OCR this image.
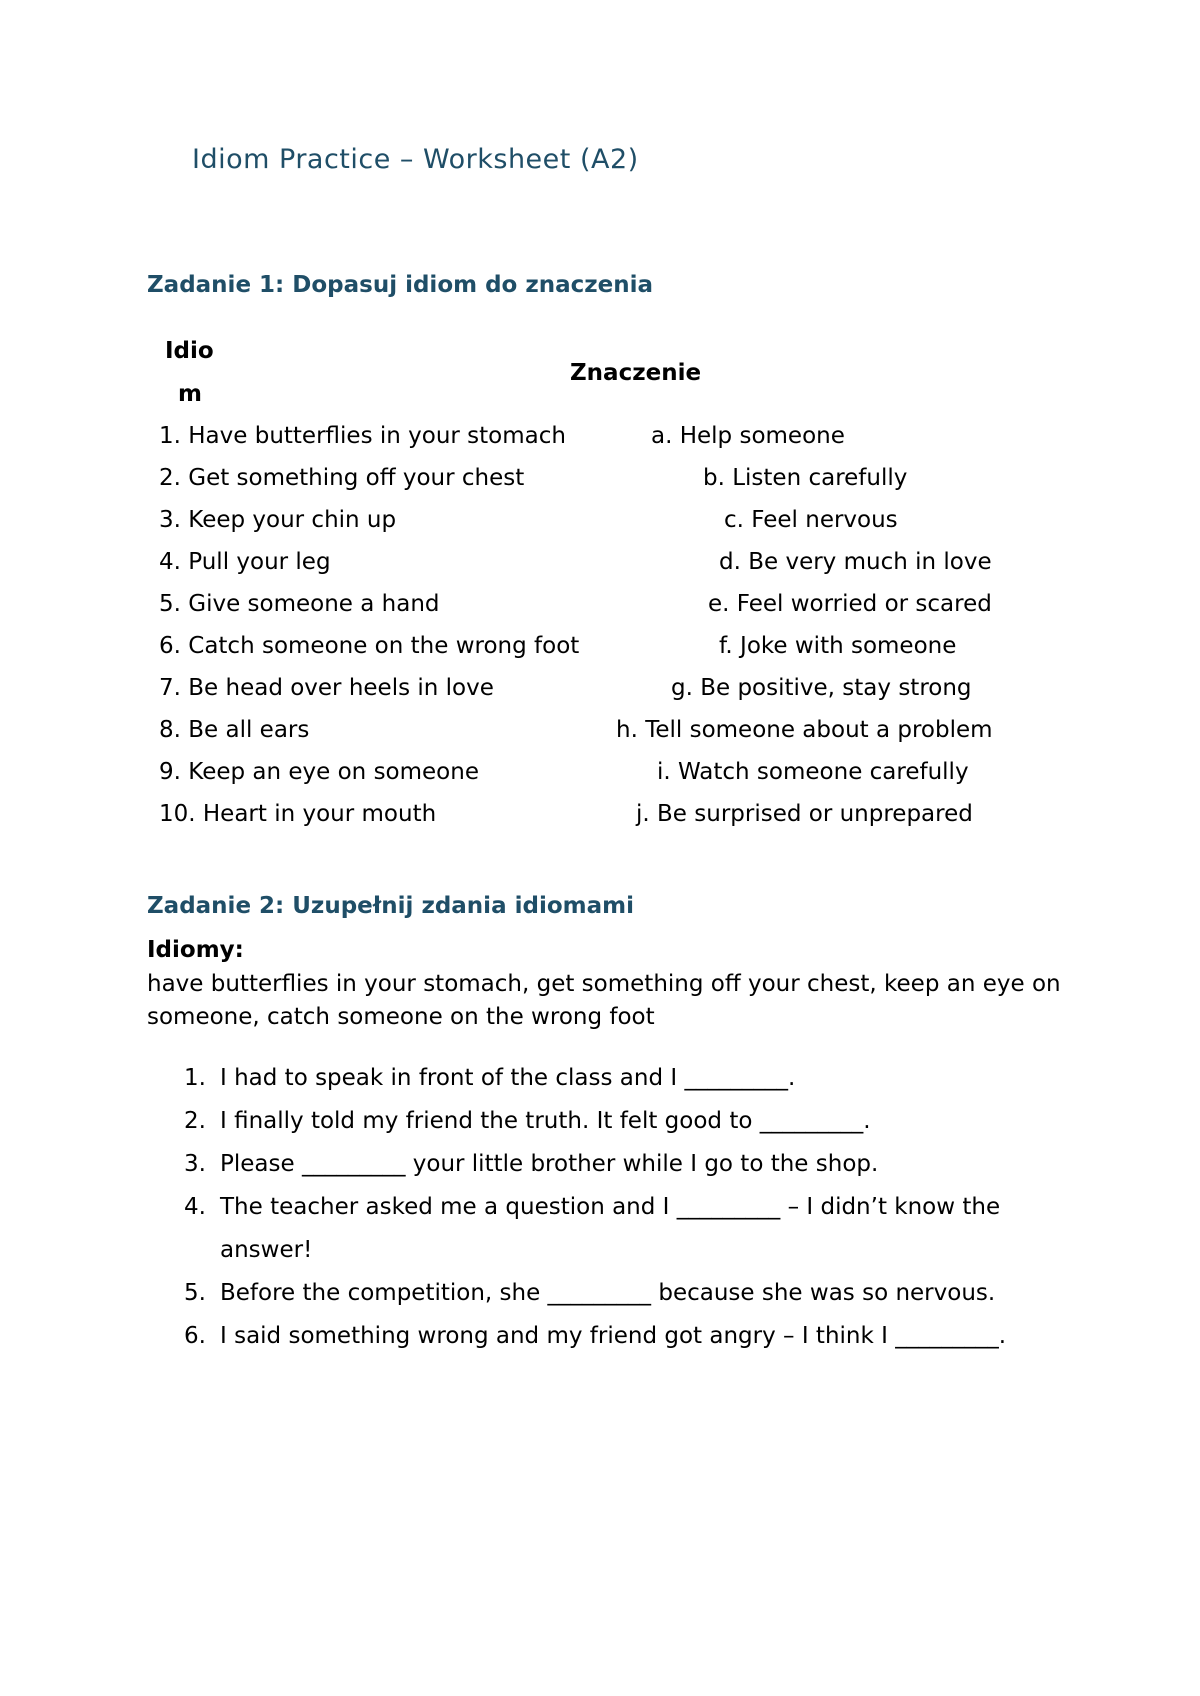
Idiom Practice – Worksheet (A2)
Zadanie 1: Dopasuj idiom do znaczenia
Idio
m
Znaczenie
1. Have butterflies in your stomach
2. Get something off your chest
3. Keep your chin up
4. Pull your leg
5. Give someone a hand
6. Catch someone on the wrong foot
7. Be head over heels in love
8. Be all ears
9. Keep an eye on someone
10. Heart in your mouth
a. Help someone
b. Listen carefully
c. Feel nervous
d. Be very much in love
e. Feel worried or scared
f. Joke with someone
g. Be positive, stay strong
h. Tell someone about a problem
i. Watch someone carefully
j. Be surprised or unprepared
Zadanie 2: Uzupełnij zdania idiomami
Idiomy:
have butterflies in your stomach, get something off your chest, keep an eye on someone, catch someone on the wrong foot
1. I had to speak in front of the class and I _________.
2. I finally told my friend the truth. It felt good to _________.
3. Please _________ your little brother while I go to the shop.
4. The teacher asked me a question and I _________ – I didn’t know the answer!
5. Before the competition, she _________ because she was so nervous.
6. I said something wrong and my friend got angry – I think I _________.
